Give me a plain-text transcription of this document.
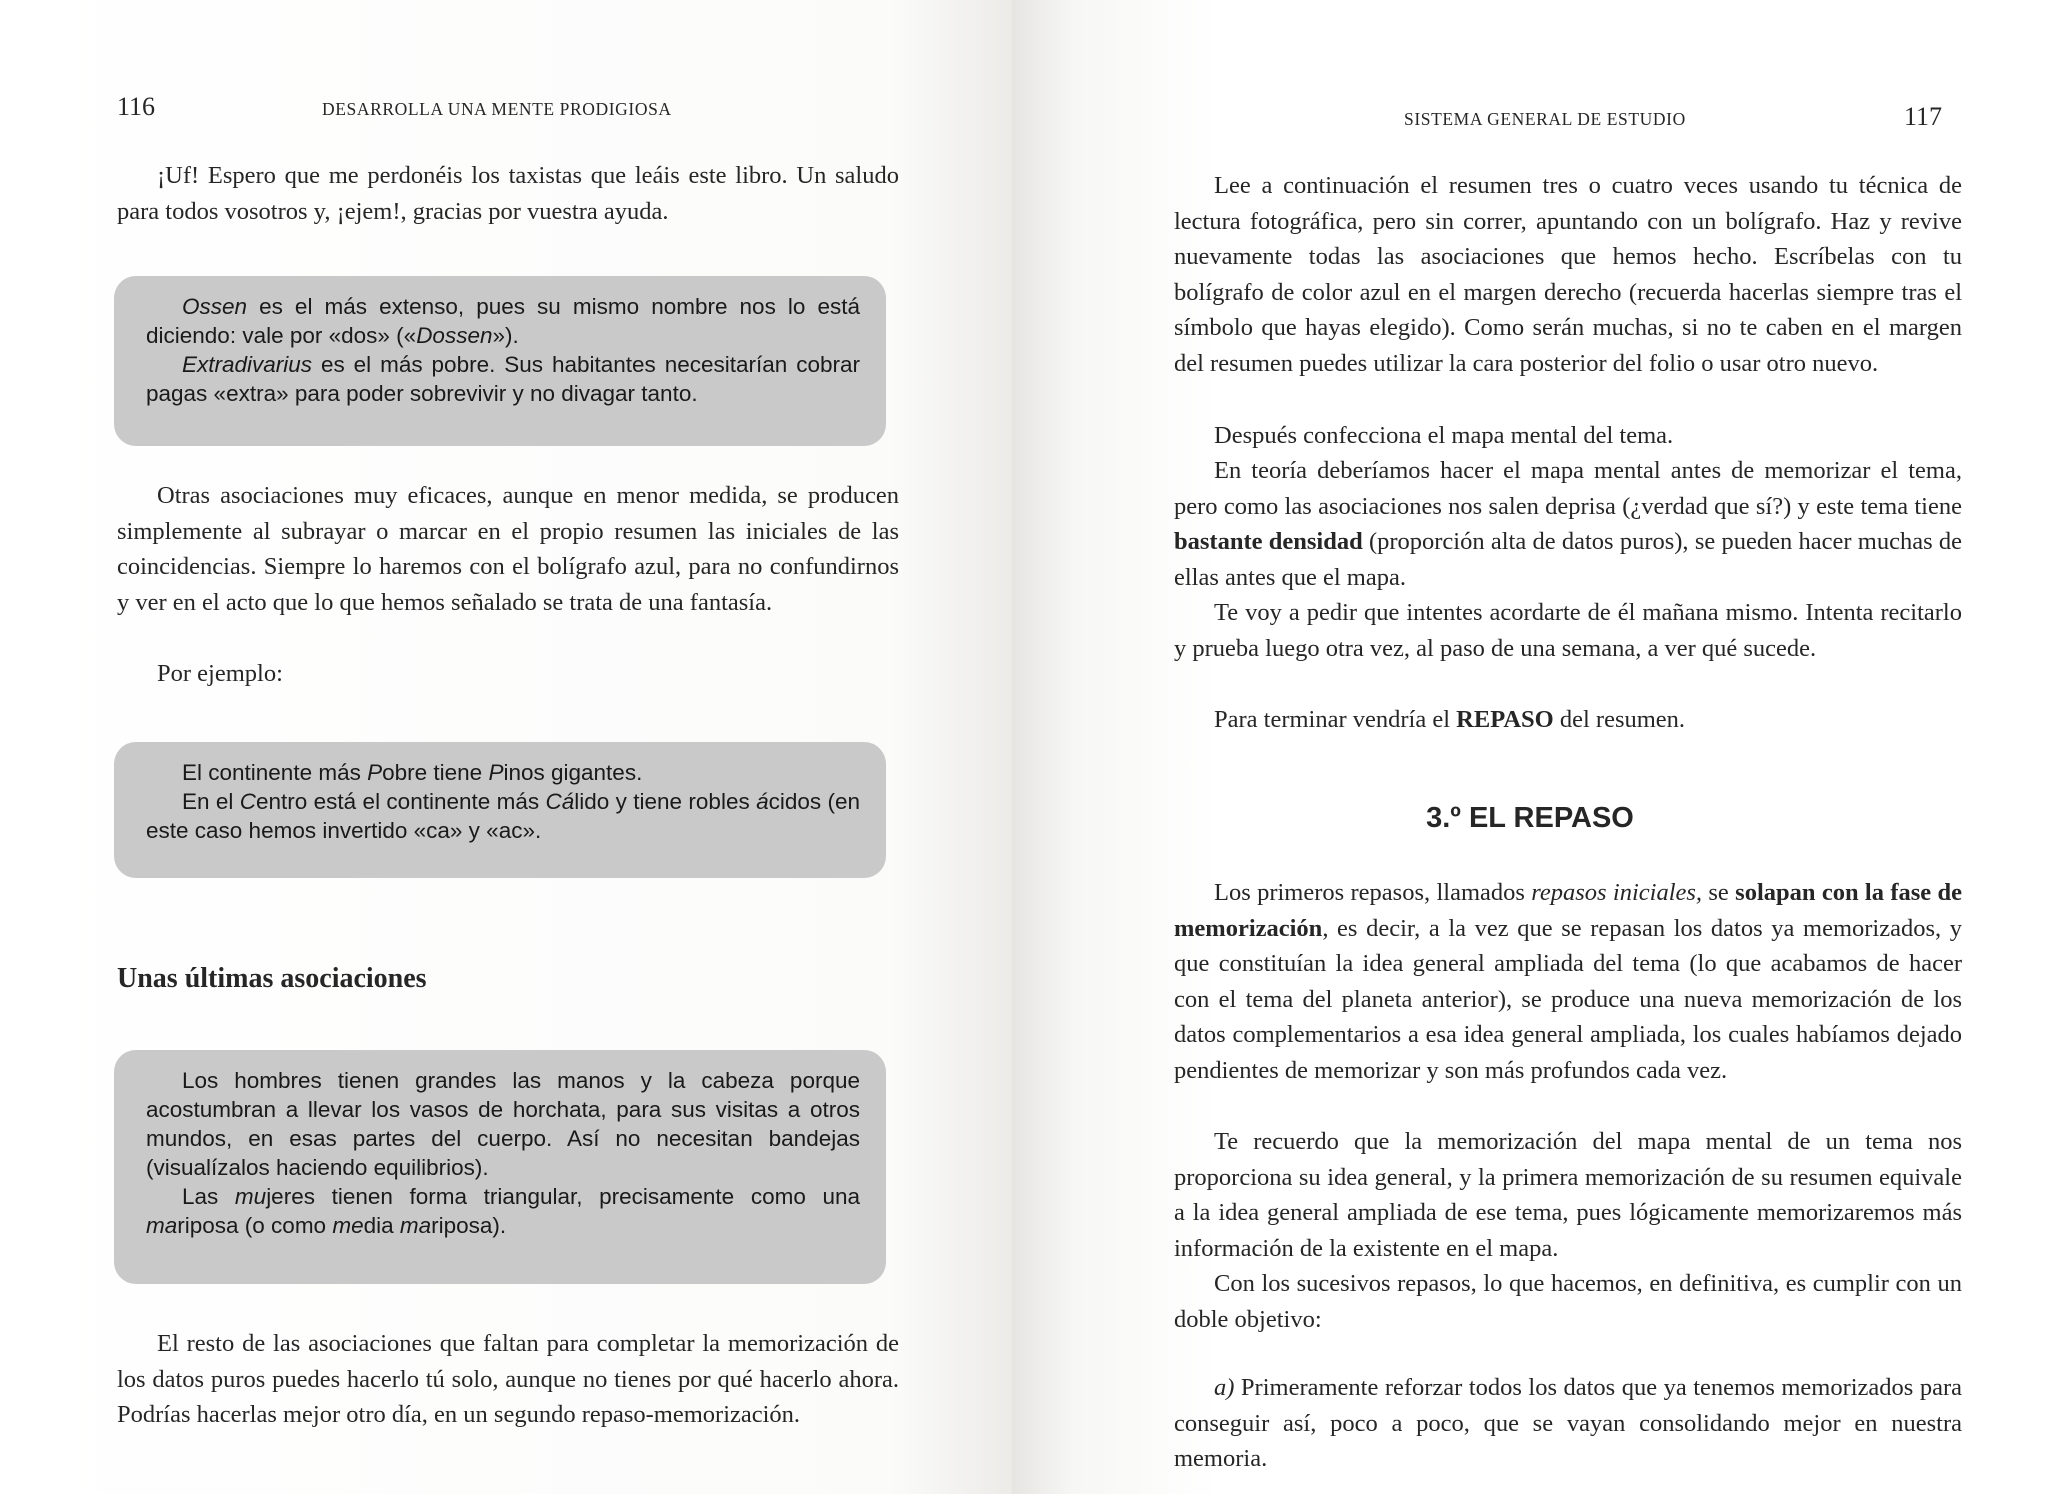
116	DESARROLLA UNA MENTE PRODIGIOSA

¡Uf! Espero que me perdonéis los taxistas que leáis este libro. Un saludo para todos vosotros y, ¡ejem!, gracias por vuestra ayuda.

Ossen es el más extenso, pues su mismo nombre nos lo está diciendo: vale por «dos» («Dossen»).

Extradivarius es el más pobre. Sus habitantes necesitarían cobrar pagas «extra» para poder sobrevivir y no divagar tanto.

Otras asociaciones muy eficaces, aunque en menor medida, se producen simplemente al subrayar o marcar en el propio resumen las iniciales de las coincidencias. Siempre lo haremos con el bolígrafo azul, para no confundirnos y ver en el acto que lo que hemos señalado se trata de una fantasía.

Por ejemplo:

El continente más Pobre tiene Pinos gigantes.

En el Centro está el continente más Cálido y tiene robles ácidos (en este caso hemos invertido «ca» y «ac».

Unas últimas asociaciones

Los hombres tienen grandes las manos y la cabeza porque acostumbran a llevar los vasos de horchata, para sus visitas a otros mundos, en esas partes del cuerpo. Así no necesitan bandejas (visualízalos haciendo equilibrios).

Las mujeres tienen forma triangular, precisamente como una mariposa (o como media mariposa).

El resto de las asociaciones que faltan para completar la memorización de los datos puros puedes hacerlo tú solo, aunque no tienes por qué hacerlo ahora. Podrías hacerlas mejor otro día, en un segundo repaso-memorización.

SISTEMA GENERAL DE ESTUDIO	117

Lee a continuación el resumen tres o cuatro veces usando tu técnica de lectura fotográfica, pero sin correr, apuntando con un bolígrafo. Haz y revive nuevamente todas las asociaciones que hemos hecho. Escríbelas con tu bolígrafo de color azul en el margen derecho (recuerda hacerlas siempre tras el símbolo que hayas elegido). Como serán muchas, si no te caben en el margen del resumen puedes utilizar la cara posterior del folio o usar otro nuevo.

Después confecciona el mapa mental del tema.

En teoría deberíamos hacer el mapa mental antes de memorizar el tema, pero como las asociaciones nos salen deprisa (¿verdad que sí?) y este tema tiene bastante densidad (proporción alta de datos puros), se pueden hacer muchas de ellas antes que el mapa.

Te voy a pedir que intentes acordarte de él mañana mismo. Intenta recitarlo y prueba luego otra vez, al paso de una semana, a ver qué sucede.

Para terminar vendría el REPASO del resumen.

3.º EL REPASO

Los primeros repasos, llamados repasos iniciales, se solapan con la fase de memorización, es decir, a la vez que se repasan los datos ya memorizados, y que constituían la idea general ampliada del tema (lo que acabamos de hacer con el tema del planeta anterior), se produce una nueva memorización de los datos complementarios a esa idea general ampliada, los cuales habíamos dejado pendientes de memorizar y son más profundos cada vez.

Te recuerdo que la memorización del mapa mental de un tema nos proporciona su idea general, y la primera memorización de su resumen equivale a la idea general ampliada de ese tema, pues lógicamente memorizaremos más información de la existente en el mapa.

Con los sucesivos repasos, lo que hacemos, en definitiva, es cumplir con un doble objetivo:

a) Primeramente reforzar todos los datos que ya tenemos memorizados para conseguir así, poco a poco, que se vayan consolidando mejor en nuestra memoria.
